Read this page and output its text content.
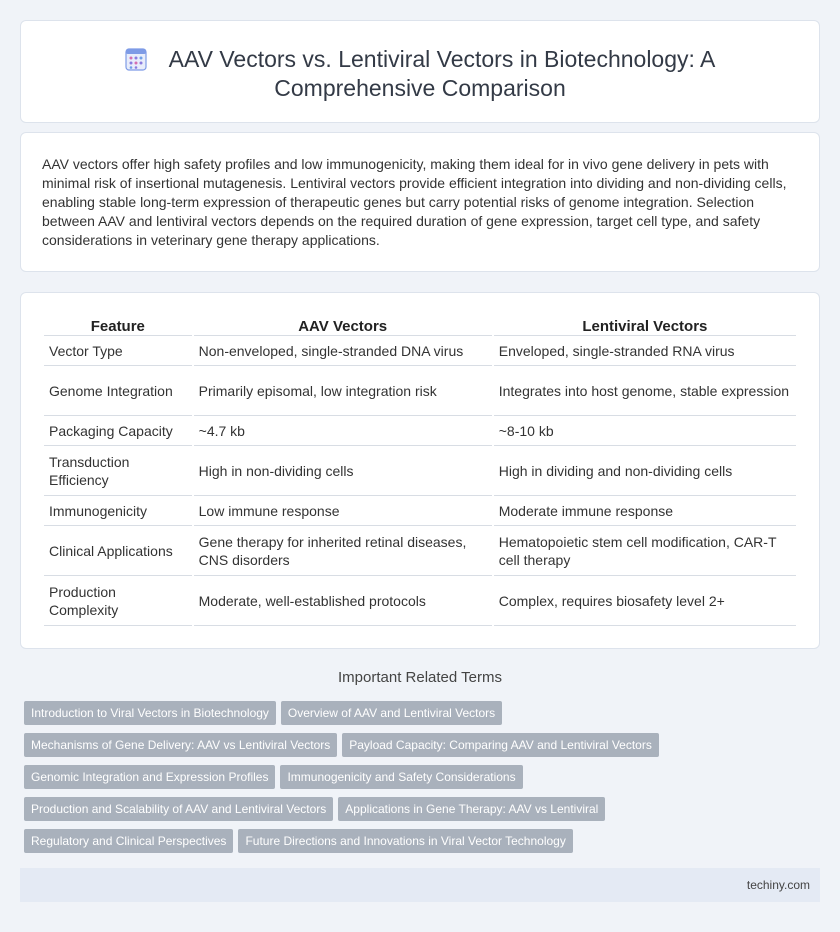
AAV Vectors vs. Lentiviral Vectors in Biotechnology: A
Comprehensive Comparison

AAV vectors offer high safety profiles and low immunogenicity, making them ideal for in vivo gene delivery in pets with minimal risk of insertional mutagenesis. Lentiviral vectors provide efficient integration into dividing and non-dividing cells, enabling stable long-term expression of therapeutic genes but carry potential risks of genome integration. Selection between AAV and lentiviral vectors depends on the required duration of gene expression, target cell type, and safety considerations in veterinary gene therapy applications.

Feature	AAV Vectors	Lentiviral Vectors
Vector Type	Non-enveloped, single-stranded DNA virus	Enveloped, single-stranded RNA virus
Genome Integration	Primarily episomal, low integration risk	Integrates into host genome, stable expression
Packaging Capacity	~4.7 kb	~8-10 kb
Transduction Efficiency	High in non-dividing cells	High in dividing and non-dividing cells
Immunogenicity	Low immune response	Moderate immune response
Clinical Applications	Gene therapy for inherited retinal diseases, CNS disorders	Hematopoietic stem cell modification, CAR-T cell therapy
Production Complexity	Moderate, well-established protocols	Complex, requires biosafety level 2+
Important Related Terms
Introduction to Viral Vectors in Biotechnology Overview of AAV and Lentiviral Vectors
Mechanisms of Gene Delivery: AAV vs Lentiviral Vectors Payload Capacity: Comparing AAV and Lentiviral Vectors
Genomic Integration and Expression Profiles Immunogenicity and Safety Considerations
Production and Scalability of AAV and Lentiviral Vectors Applications in Gene Therapy: AAV vs Lentiviral
Regulatory and Clinical Perspectives Future Directions and Innovations in Viral Vector Technology
techiny.com
